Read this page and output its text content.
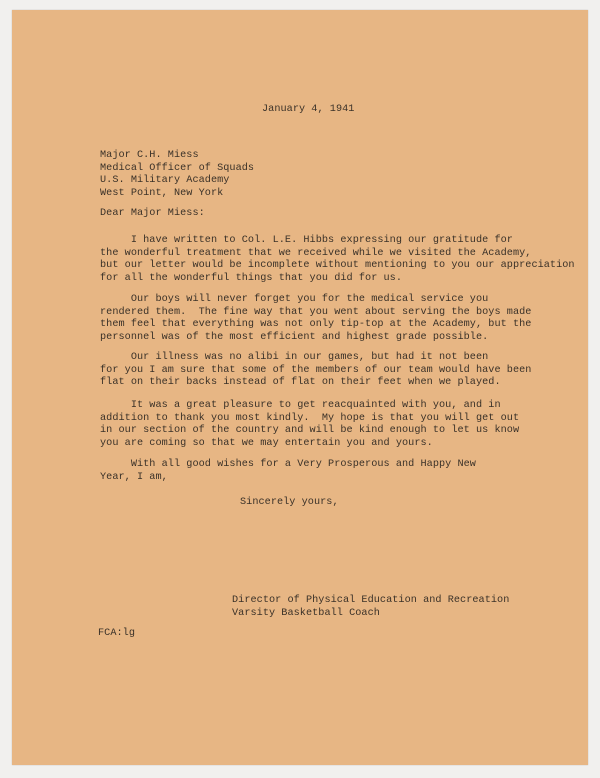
January 4, 1941
Major C.H. Miess
Medical Officer of Squads
U.S. Military Academy
West Point, New York
Dear Major Miess:
I have written to Col. L.E. Hibbs expressing our gratitude for
the wonderful treatment that we received while we visited the Academy,
but our letter would be incomplete without mentioning to you our appreciation
for all the wonderful things that you did for us.
Our boys will never forget you for the medical service you
rendered them.  The fine way that you went about serving the boys made
them feel that everything was not only tip-top at the Academy, but the
personnel was of the most efficient and highest grade possible.
Our illness was no alibi in our games, but had it not been
for you I am sure that some of the members of our team would have been
flat on their backs instead of flat on their feet when we played.
It was a great pleasure to get reacquainted with you, and in
addition to thank you most kindly.  My hope is that you will get out
in our section of the country and will be kind enough to let us know
you are coming so that we may entertain you and yours.
With all good wishes for a Very Prosperous and Happy New
Year, I am,
Sincerely yours,
Director of Physical Education and Recreation
Varsity Basketball Coach
FCA:lg
